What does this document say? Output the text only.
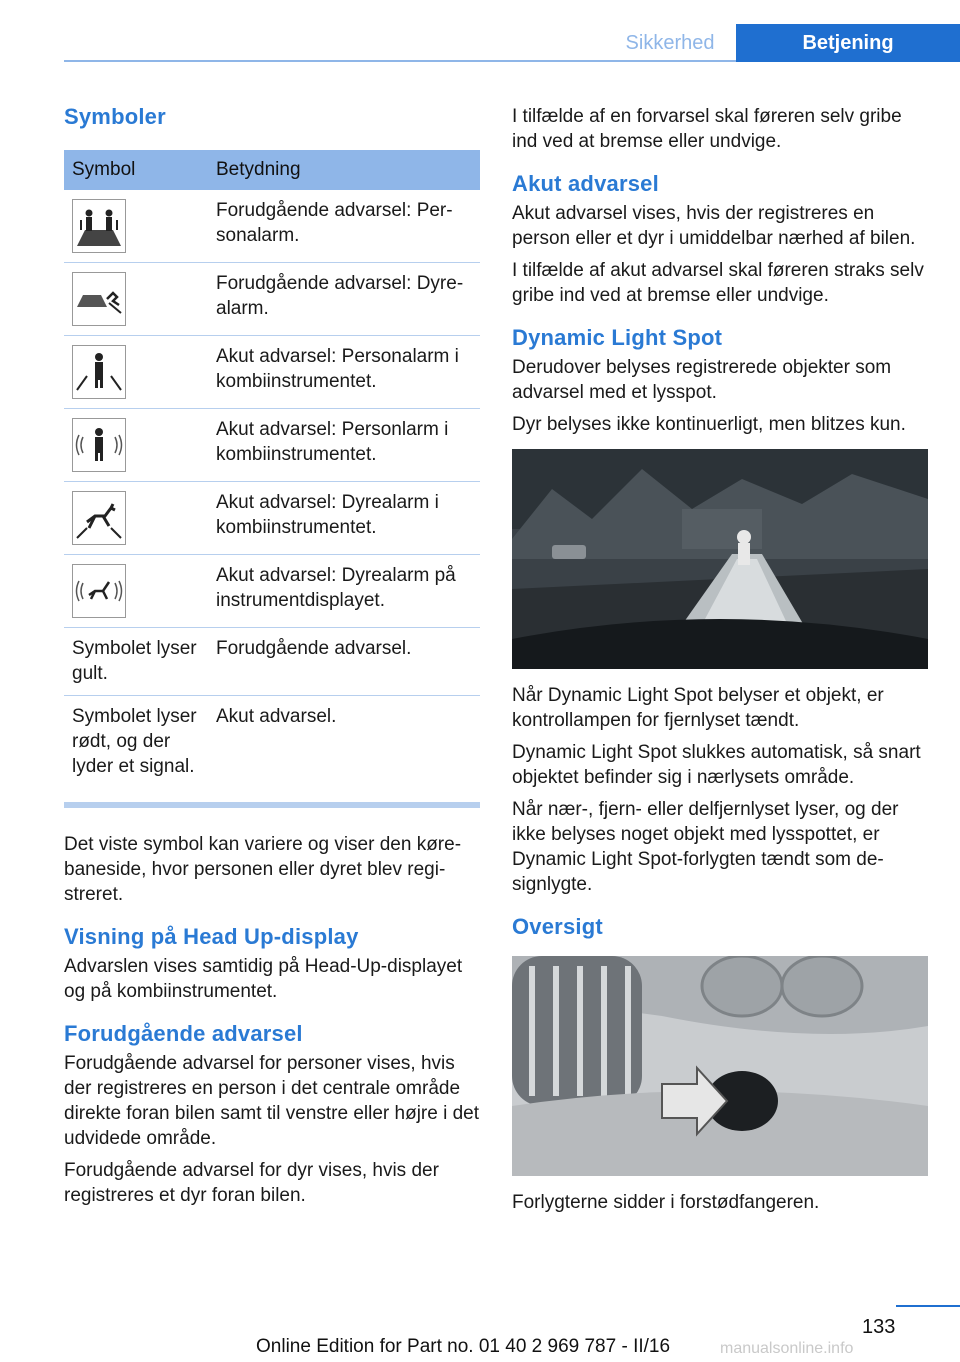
Sikkerhed	Betjening
Symboler
Symbol	Betydning

	Forudgående advarsel: Personalarm.

	Forudgående advarsel: Dyrealarm.

	Akut advarsel: Personalarm i kombiinstrumentet.

	Akut advarsel: Personlarm i kombiinstrumentet.

	Akut advarsel: Dyrealarm i kombiinstrumentet.

	Akut advarsel: Dyrealarm på instrumentdisplayet.
Symbolet lyser gult.	Forudgående advarsel.
Symbolet lyser rødt, og der lyder et signal.	Akut advarsel.

Det viste symbol kan variere og viser den kørebaneside, hvor personen eller dyret blev registreret.

Visning på Head Up-display

Advarslen vises samtidig på Head-Up-displayet og på kombiinstrumentet.

Forudgående advarsel

Forudgående advarsel for personer vises, hvis der registreres en person i det centrale område direkte foran bilen samt til venstre eller højre i det udvidede område.

Forudgående advarsel for dyr vises, hvis der registreres et dyr foran bilen.

I tilfælde af en forvarsel skal føreren selv gribe ind ved at bremse eller undvige.

Akut advarsel

Akut advarsel vises, hvis der registreres en person eller et dyr i umiddelbar nærhed af bilen.

I tilfælde af akut advarsel skal føreren straks selv gribe ind ved at bremse eller undvige.

Dynamic Light Spot

Derudover belyses registrerede objekter som advarsel med et lysspot.

Dyr belyses ikke kontinuerligt, men blitzes kun.

Når Dynamic Light Spot belyser et objekt, er kontrollampen for fjernlyset tændt.

Dynamic Light Spot slukkes automatisk, så snart objektet befinder sig i nærlysets område.

Når nær-, fjern- eller delfjernlyset lyser, og der ikke belyses noget objekt med lysspottet, er Dynamic Light Spot-forlygten tændt som designlygte.

Oversigt

Forlygterne sidder i forstødfangeren.

133
Online Edition for Part no. 01 40 2 969 787 - II/16	manualsonline.info
